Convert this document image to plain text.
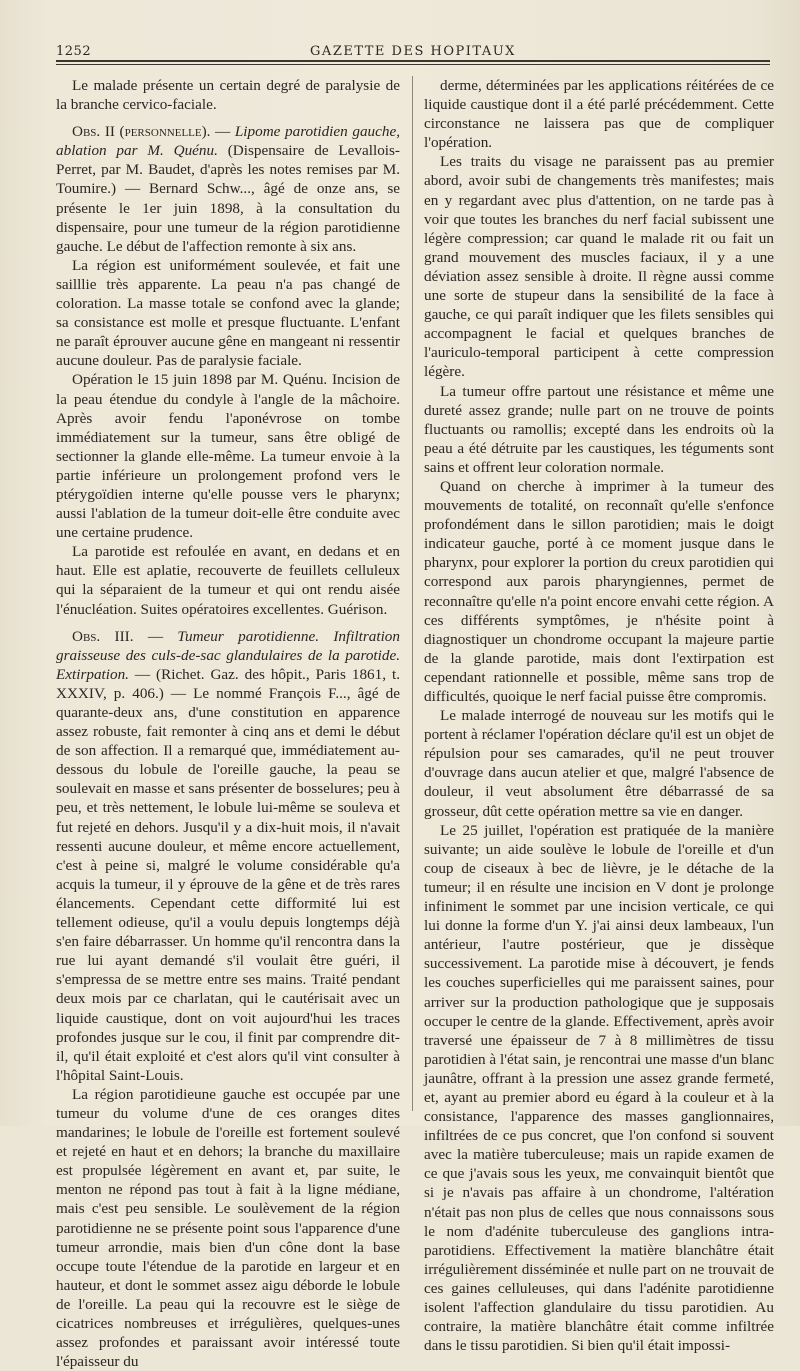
1252	GAZETTE DES HOPITAUX

Le malade présente un certain degré de paralysie de la branche cervico-faciale.

Obs. II (personnelle). — Lipome parotidien gauche, ablation par M. Quénu. (Dispensaire de Levallois-Perret, par M. Baudet, d'après les notes remises par M. Toumire.) — Bernard Schw..., âgé de onze ans, se présente le 1er juin 1898, à la consultation du dispensaire, pour une tumeur de la région parotidienne gauche. Le début de l'affection remonte à six ans.

La région est uniformément soulevée, et fait une sailllie très apparente. La peau n'a pas changé de coloration. La masse totale se confond avec la glande; sa consistance est molle et presque fluctuante. L'enfant ne paraît éprouver aucune gêne en mangeant ni ressentir aucune douleur. Pas de paralysie faciale.

Opération le 15 juin 1898 par M. Quénu. Incision de la peau étendue du condyle à l'angle de la mâchoire. Après avoir fendu l'aponévrose on tombe immédiatement sur la tumeur, sans être obligé de sectionner la glande elle-même. La tumeur envoie à la partie inférieure un prolongement profond vers le ptérygoïdien interne qu'elle pousse vers le pharynx; aussi l'ablation de la tumeur doit-elle être conduite avec une certaine prudence.

La parotide est refoulée en avant, en dedans et en haut. Elle est aplatie, recouverte de feuillets celluleux qui la séparaient de la tumeur et qui ont rendu aisée l'énucléation. Suites opératoires excellentes. Guérison.

Obs. III. — Tumeur parotidienne. Infiltration graisseuse des culs-de-sac glandulaires de la parotide. Extirpation. — (Richet. Gaz. des hôpit., Paris 1861, t. XXXIV, p. 406.) — Le nommé François F..., âgé de quarante-deux ans, d'une constitution en apparence assez robuste, fait remonter à cinq ans et demi le début de son affection. Il a remarqué que, immédiatement au-dessous du lobule de l'oreille gauche, la peau se soulevait en masse et sans présenter de bosselures; peu à peu, et très nettement, le lobule lui-même se souleva et fut rejeté en dehors. Jusqu'il y a dix-huit mois, il n'avait ressenti aucune douleur, et même encore actuellement, c'est à peine si, malgré le volume considérable qu'a acquis la tumeur, il y éprouve de la gêne et de très rares élancements. Cependant cette difformité lui est tellement odieuse, qu'il a voulu depuis longtemps déjà s'en faire débarrasser. Un homme qu'il rencontra dans la rue lui ayant demandé s'il voulait être guéri, il s'empressa de se mettre entre ses mains. Traité pendant deux mois par ce charlatan, qui le cautérisait avec un liquide caustique, dont on voit aujourd'hui les traces profondes jusque sur le cou, il finit par comprendre dit-il, qu'il était exploité et c'est alors qu'il vint consulter à l'hôpital Saint-Louis.

La région parotidieune gauche est occupée par une tumeur du volume d'une de ces oranges dites mandarines; le lobule de l'oreille est fortement soulevé et rejeté en haut et en dehors; la branche du maxillaire est propulsée légèrement en avant et, par suite, le menton ne répond pas tout à fait à la ligne médiane, mais c'est peu sensible. Le soulèvement de la région parotidienne ne se présente point sous l'apparence d'une tumeur arrondie, mais bien d'un cône dont la base occupe toute l'étendue de la parotide en largeur et en hauteur, et dont le sommet assez aigu déborde le lobule de l'oreille. La peau qui la recouvre est le siège de cicatrices nombreuses et irrégulières, quelques-unes assez profondes et paraissant avoir intéressé toute l'épaisseur du

derme, déterminées par les applications réitérées de ce liquide caustique dont il a été parlé précédemment. Cette circonstance ne laissera pas que de compliquer l'opération.

Les traits du visage ne paraissent pas au premier abord, avoir subi de changements très manifestes; mais en y regardant avec plus d'attention, on ne tarde pas à voir que toutes les branches du nerf facial subissent une légère compression; car quand le malade rit ou fait un grand mouvement des muscles faciaux, il y a une déviation assez sensible à droite. Il règne aussi comme une sorte de stupeur dans la sensibilité de la face à gauche, ce qui paraît indiquer que les filets sensibles qui accompagnent le facial et quelques branches de l'auriculo-temporal participent à cette compression légère.

La tumeur offre partout une résistance et même une dureté assez grande; nulle part on ne trouve de points fluctuants ou ramollis; excepté dans les endroits où la peau a été détruite par les caustiques, les téguments sont sains et offrent leur coloration normale.

Quand on cherche à imprimer à la tumeur des mouvements de totalité, on reconnaît qu'elle s'enfonce profondément dans le sillon parotidien; mais le doigt indicateur gauche, porté à ce moment jusque dans le pharynx, pour explorer la portion du creux parotidien qui correspond aux parois pharyngiennes, permet de reconnaître qu'elle n'a point encore envahi cette région. A ces différents symptômes, je n'hésite point à diagnostiquer un chondrome occupant la majeure partie de la glande parotide, mais dont l'extirpation est cependant rationnelle et possible, même sans trop de difficultés, quoique le nerf facial puisse être compromis.

Le malade interrogé de nouveau sur les motifs qui le portent à réclamer l'opération déclare qu'il est un objet de répulsion pour ses camarades, qu'il ne peut trouver d'ouvrage dans aucun atelier et que, malgré l'absence de douleur, il veut absolument être débarrassé de sa grosseur, dût cette opération mettre sa vie en danger.

Le 25 juillet, l'opération est pratiquée de la manière suivante; un aide soulève le lobule de l'oreille et d'un coup de ciseaux à bec de lièvre, je le détache de la tumeur; il en résulte une incision en V dont je prolonge infiniment le sommet par une incision verticale, ce qui lui donne la forme d'un Y. j'ai ainsi deux lambeaux, l'un antérieur, l'autre postérieur, que je dissèque successivement. La parotide mise à découvert, je fends les couches superficielles qui me paraissent saines, pour arriver sur la production pathologique que je supposais occuper le centre de la glande. Effectivement, après avoir traversé une épaisseur de 7 à 8 millimètres de tissu parotidien à l'état sain, je rencontrai une masse d'un blanc jaunâtre, offrant à la pression une assez grande fermeté, et, ayant au premier abord eu égard à la couleur et à la consistance, l'apparence des masses ganglionnaires, infiltrées de ce pus concret, que l'on confond si souvent avec la matière tuberculeuse; mais un rapide examen de ce que j'avais sous les yeux, me convainquit bientôt que si je n'avais pas affaire à un chondrome, l'altération n'était pas non plus de celles que nous connaissons sous le nom d'adénite tuberculeuse des ganglions intra-parotidiens. Effectivement la matière blanchâtre était irrégulièrement disséminée et nulle part on ne trouvait de ces gaines celluleuses, qui dans l'adénite parotidienne isolent l'affection glandulaire du tissu parotidien. Au contraire, la matière blanchâtre était comme infiltrée dans le tissu parotidien. Si bien qu'il était impossi-
